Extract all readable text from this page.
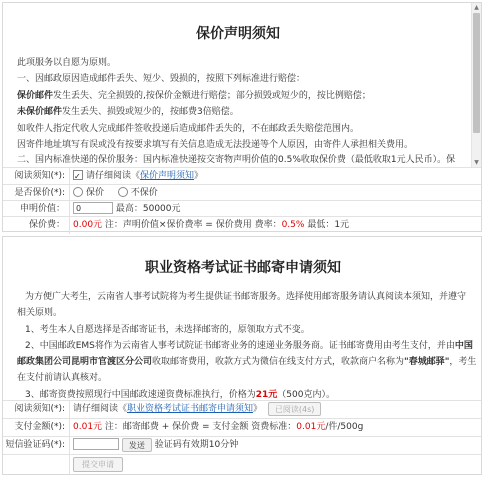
保价声明须知
此项服务以自愿为原则。
一、因邮政原因造成邮件丢失、短少、毁损的，按照下列标准进行赔偿：
保价邮件发生丢失、完全损毁的,按保价金额进行赔偿；部分损毁或短少的，按比例赔偿；
未保价邮件发生丢失、损毁或短少的，按邮费3倍赔偿。
如收件人指定代收人完成邮件签收投递后造成邮件丢失的，不在邮政丢失赔偿范围内。
因寄件地址填写有误或没有按要求填写有关信息造成无法投递等个人原因，由寄件人承担相关费用。
二、国内标准快递的保价服务：国内标准快递按交寄物声明价值的0.5%收取保价费（最低收取1元人民币）。保
▲
▼
阅读须知(*):
✓	请仔细阅读《保价声明须知》
是否保价(*):	保价	不保价
申明价值：	0	最高：50000元
保价费： 0.00元 注：声明价值×保价费率 = 保价费用 费率：0.5% 最低：1元
职业资格考试证书邮寄申请须知
为方便广大考生，云南省人事考试院将为考生提供证书邮寄服务。选择使用邮寄服务请认真阅读本须知，并遵守
相关原则。
1、考生本人自愿选择是否邮寄证书，未选择邮寄的，原领取方式不变。
2、中国邮政EMS将作为云南省人事考试院证书邮寄业务的速递业务服务商。证书邮寄费用由考生支付，并由中国
邮政集团公司昆明市官渡区分公司收取邮寄费用，收款方式为微信在线支付方式，收款商户名称为"春城邮驿"，考生
在支付前请认真核对。
3、邮寄资费按照现行中国邮政速递资费标准执行，价格为21元（500克内）。
阅读须知(*): 请仔细阅读《职业资格考试证书邮寄申请须知》 已阅读(4s)
支付金额(*): 0.01元 注：邮寄邮费 + 保价费 = 支付金额 资费标准：0.01元/件/500g
短信验证码(*):	发送 验证码有效期10分钟
提交申请
